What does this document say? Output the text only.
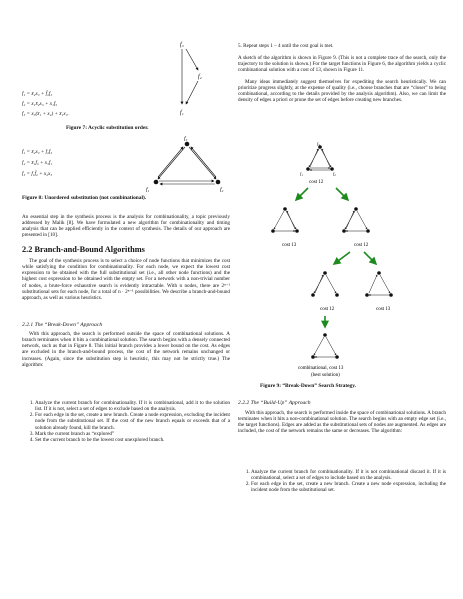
f₁ = x̄₂x₃ + f̄₂f₃
f₂ = x₁x̄₂x₃ + x₁f₃
f₃ = x₃(x̄₁ + x₂) + x̄₁x₃.
f₃
f₂
f₁
Figure 7: Acyclic substitution order.
f₁ = x̄₂x₃ + f₂f₃
f₂ = x̄₁f₃ + x₃f₁
f₃ = f₁f̄₂ + x₂x₃
f₃
f₁	f₂
Figure 8: Unordered substitution (not combinational).

An essential step in the synthesis process is the analysis for combinationality, a topic previously addressed by Malik [8]. We have formulated a new algorithm for combinationality and timing analysis that can be applied efficiently in the context of synthesis. The details of our approach are presented in [10].

2.2 Branch-and-Bound Algorithms

The goal of the synthesis process is to select a choice of node functions that minimizes the cost while satisfying the condition for combinationality. For each node, we expect the lowest cost expression to be obtained with the full substitutional set (i.e., all other node functions) and the highest cost expression to be obtained with the empty set. For a network with a non-trivial number of nodes, a brute-force exhaustive search is evidently intractable. With n nodes, there are 2ⁿ⁻¹ substitutional sets for each node, for a total of n · 2ⁿ⁻¹ possibilities. We describe a branch-and-bound approach, as well as various heuristics.

2.2.1 The “Break-Down” Approach

With this approach, the search is performed outside the space of combinational solutions. A branch terminates when it hits a combinational solution. The search begins with a densely connected network, such as that in Figure 8. This initial branch provides a lower bound on the cost. As edges are excluded in the branch-and-bound process, the cost of the network remains unchanged or increases. (Again, since the substitution step is heuristic, this may not be strictly true.) The algorithm:

1. Analyze the current branch for combinationality. If it is combinational, add it to the solution list. If it is not, select a set of edges to exclude based on the analysis.
2. For each edge in the set, create a new branch. Create a node expression, excluding the incident node from the substitutional set. If the cost of the new branch equals or exceeds that of a solution already found, kill the branch.
3. Mark the current branch as “explored”
4. Set the current branch to be the lowest cost unexplored branch.

5. Repeat steps 1 – 4 until the cost goal is met.

A sketch of the algorithm is shown in Figure 9. (This is not a complete trace of the search, only the trajectory to the solution is shown.) For the target functions in Figure 6, the algorithm yields a cyclic combinational solution with a cost of 13, shown in Figure 11.

Many ideas immediately suggest themselves for expediting the search heuristically. We can prioritize progress slightly, at the expense of quality (i.e., choose branches that are “closer” to being combinational, according to the details provided by the analysis algorithm). Also, we can limit the density of edges a priori or prune the set of edges before creating new branches.

f₃
f₁	f₂
cost 12
cost 13	cost 12
cost 12	cost 13
combinational, cost 13
(best solution)
Figure 9: “Break-Down” Search Strategy.
2.2.2 The “Build-Up” Approach

With this approach, the search is performed inside the space of combinational solutions. A branch terminates when it hits a non-combinational solution. The search begins with an empty edge set (i.e., the target functions). Edges are added as the substitutional sets of nodes are augmented. As edges are included, the cost of the network remains the same or decreases. The algorithm:

1. Analyze the current branch for combinationality. If it is not combinational discard it. If it is combinational, select a set of edges to include based on the analysis.
2. For each edge in the set, create a new branch. Create a new node expression, including the incident node from the substitutional set.
